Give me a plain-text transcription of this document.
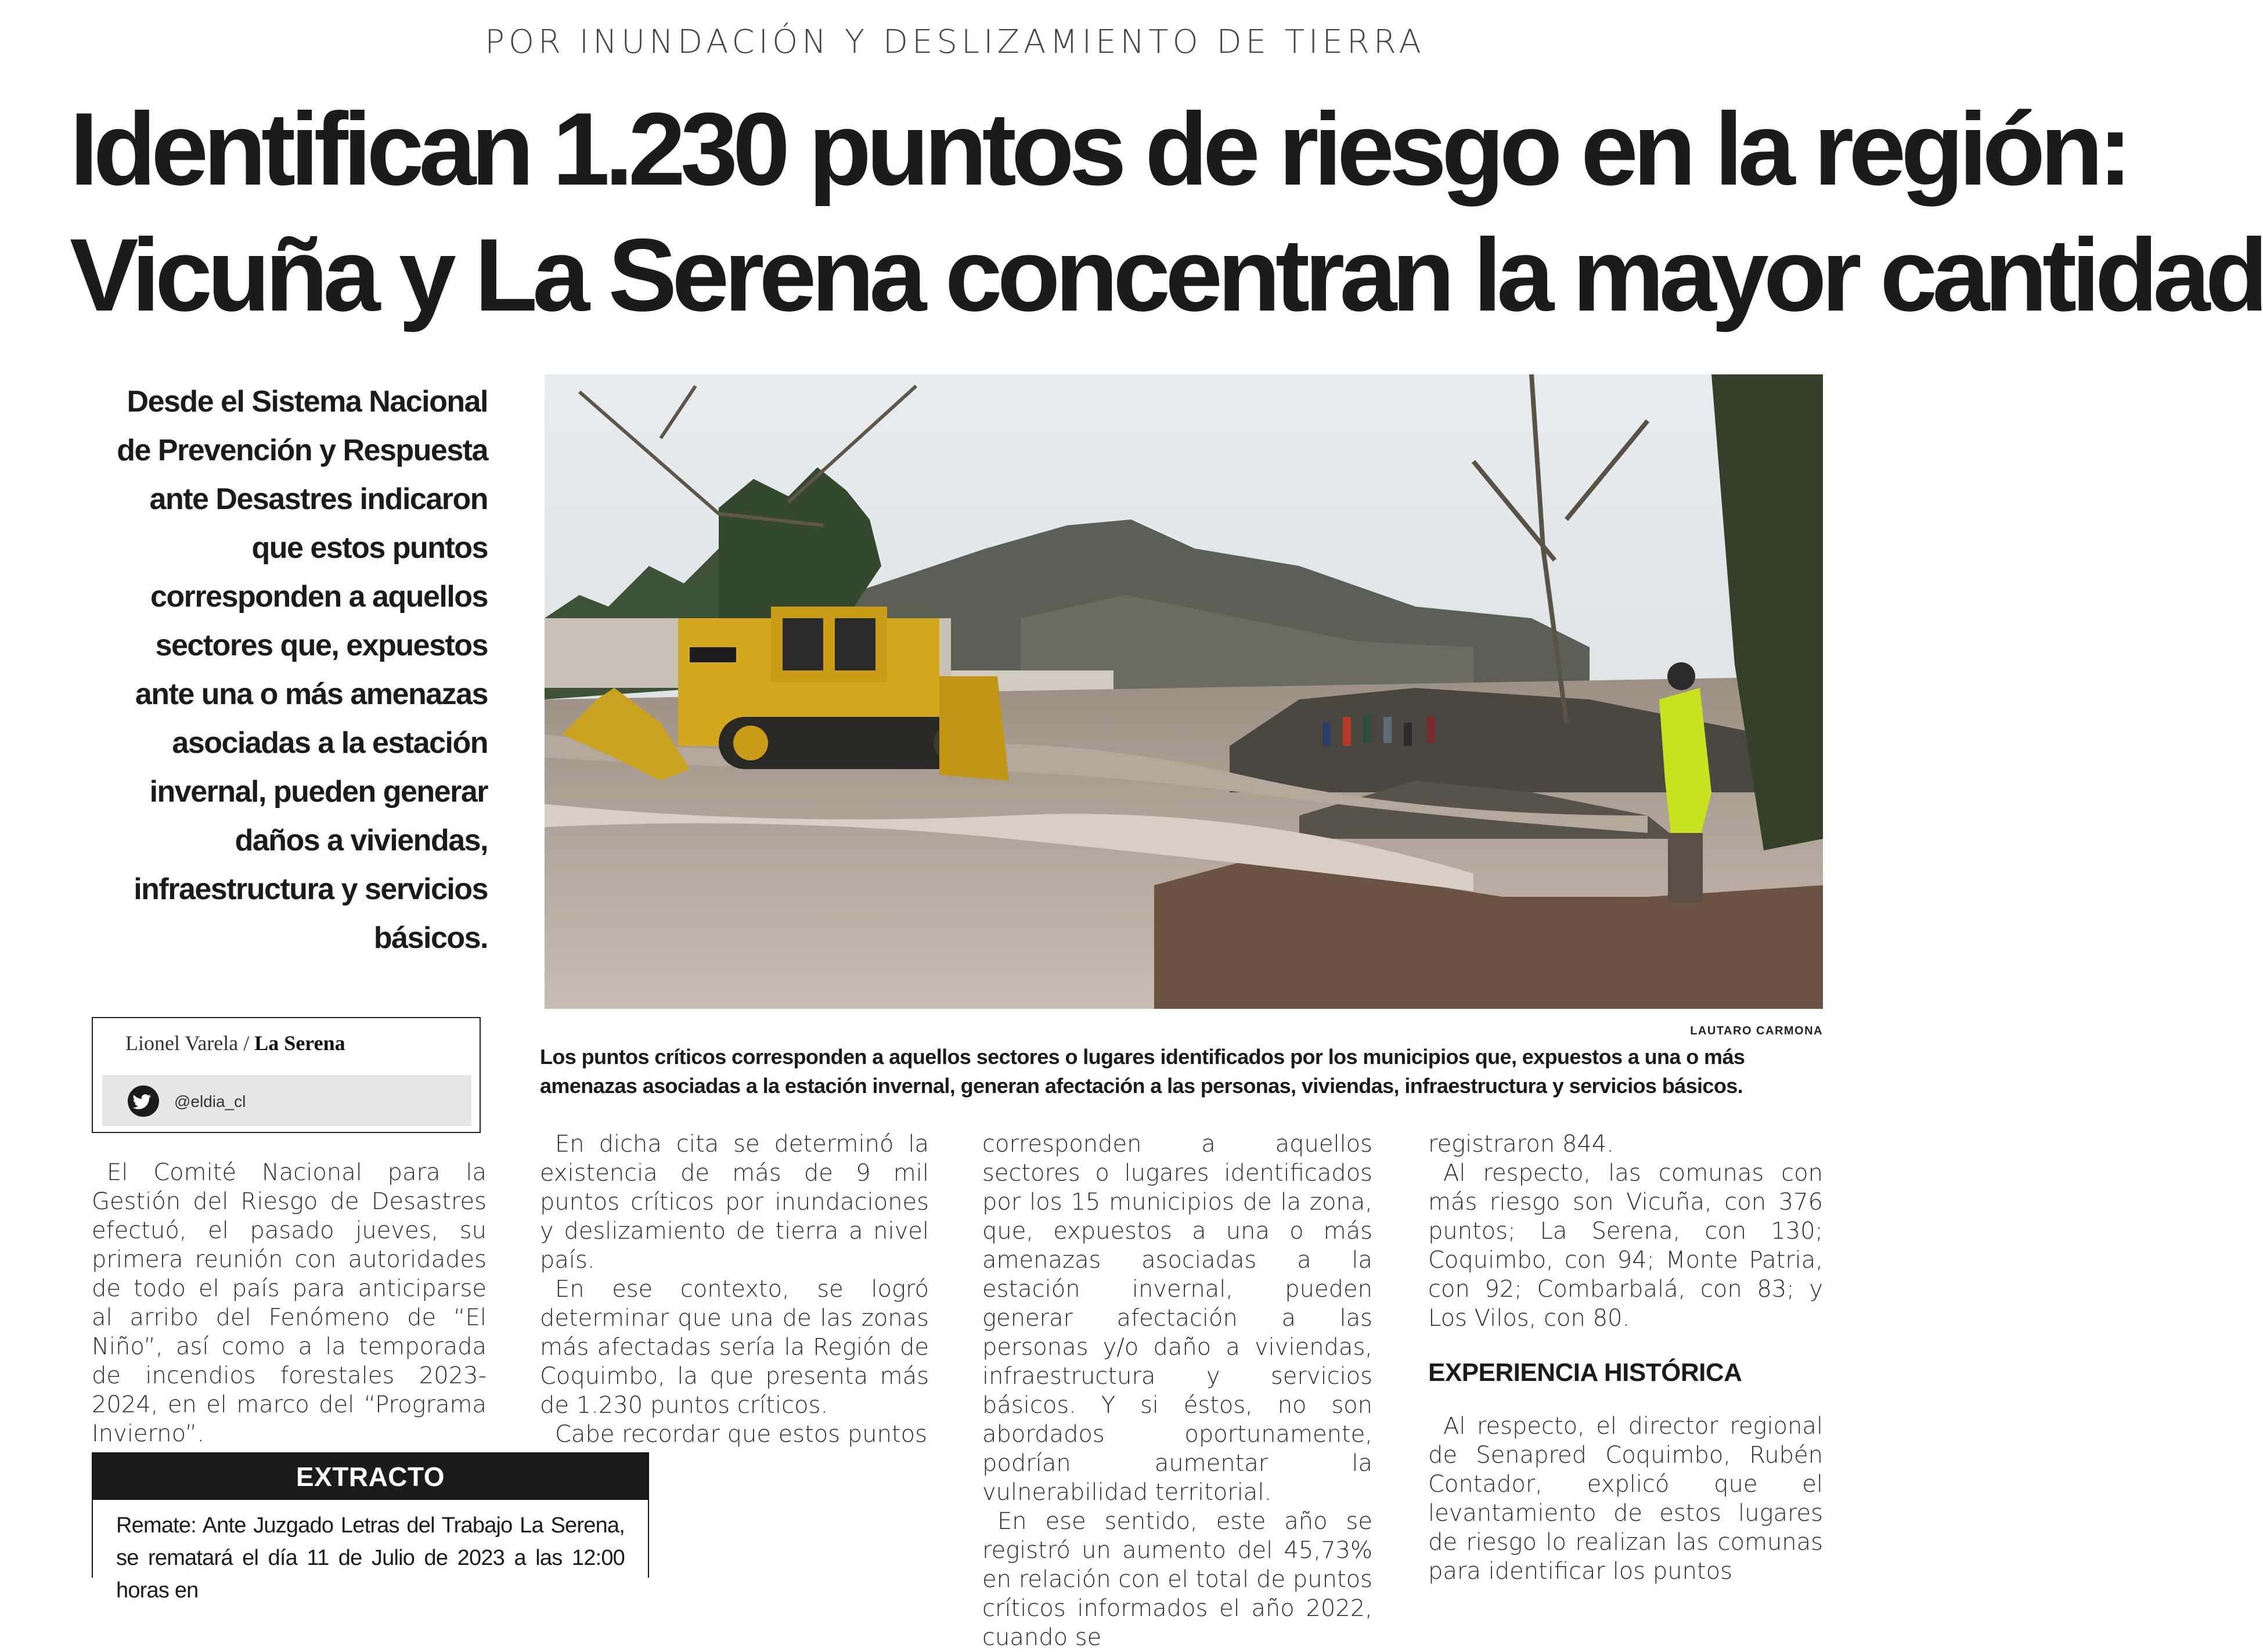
POR INUNDACIÓN Y DESLIZAMIENTO DE TIERRA
Identifican 1.230 puntos de riesgo en la región:
Vicuña y La Serena concentran la mayor cantidad
Desde el Sistema Nacional de Prevención y Respuesta ante Desastres indicaron que estos puntos corresponden a aquellos sectores que, expuestos ante una o más amenazas asociadas a la estación invernal, pueden generar daños a viviendas, infraestructura y servicios básicos.
LAUTARO CARMONA
Los puntos críticos corresponden a aquellos sectores o lugares identificados por los municipios que, expuestos a una o más amenazas asociadas a la estación invernal, generan afectación a las personas, viviendas, infraestructura y servicios básicos.
Lionel Varela / La Serena
@eldia_cl

El Comité Nacional para la Gestión del Riesgo de Desastres efectuó, el pasado jueves, su primera reunión con autoridades de todo el país para anticiparse al arribo del Fenómeno de “El Niño”, así como a la temporada de incendios forestales 2023-2024, en el marco del “Programa Invierno”.

En dicha cita se determinó la existencia de más de 9 mil puntos críticos por inundaciones y deslizamiento de tierra a nivel país.

En ese contexto, se logró determinar que una de las zonas más afectadas sería la Región de Coquimbo, la que presenta más de 1.230 puntos críticos.

Cabe recordar que estos puntos

corresponden a aquellos sectores o lugares identificados por los 15 municipios de la zona, que, expuestos a una o más amenazas asociadas a la estación invernal, pueden generar afectación a las personas y/o daño a viviendas, infraestructura y servicios básicos. Y si éstos, no son abordados oportunamente, podrían aumentar la vulnerabilidad territorial.

En ese sentido, este año se registró un aumento del 45,73% en relación con el total de puntos críticos informados el año 2022, cuando se

registraron 844.

Al respecto, las comunas con más riesgo son Vicuña, con 376 puntos; La Serena, con 130; Coquimbo, con 94; Monte Patria, con 92; Combarbalá, con 83; y Los Vilos, con 80.

EXPERIENCIA HISTÓRICA

Al respecto, el director regional de Senapred Coquimbo, Rubén Contador, explicó que el levantamiento de estos lugares de riesgo lo realizan las comunas para identificar los puntos

EXTRACTO
Remate: Ante Juzgado Letras del Trabajo La Serena, se rematará el día 11 de Julio de 2023 a las 12:00 horas en
